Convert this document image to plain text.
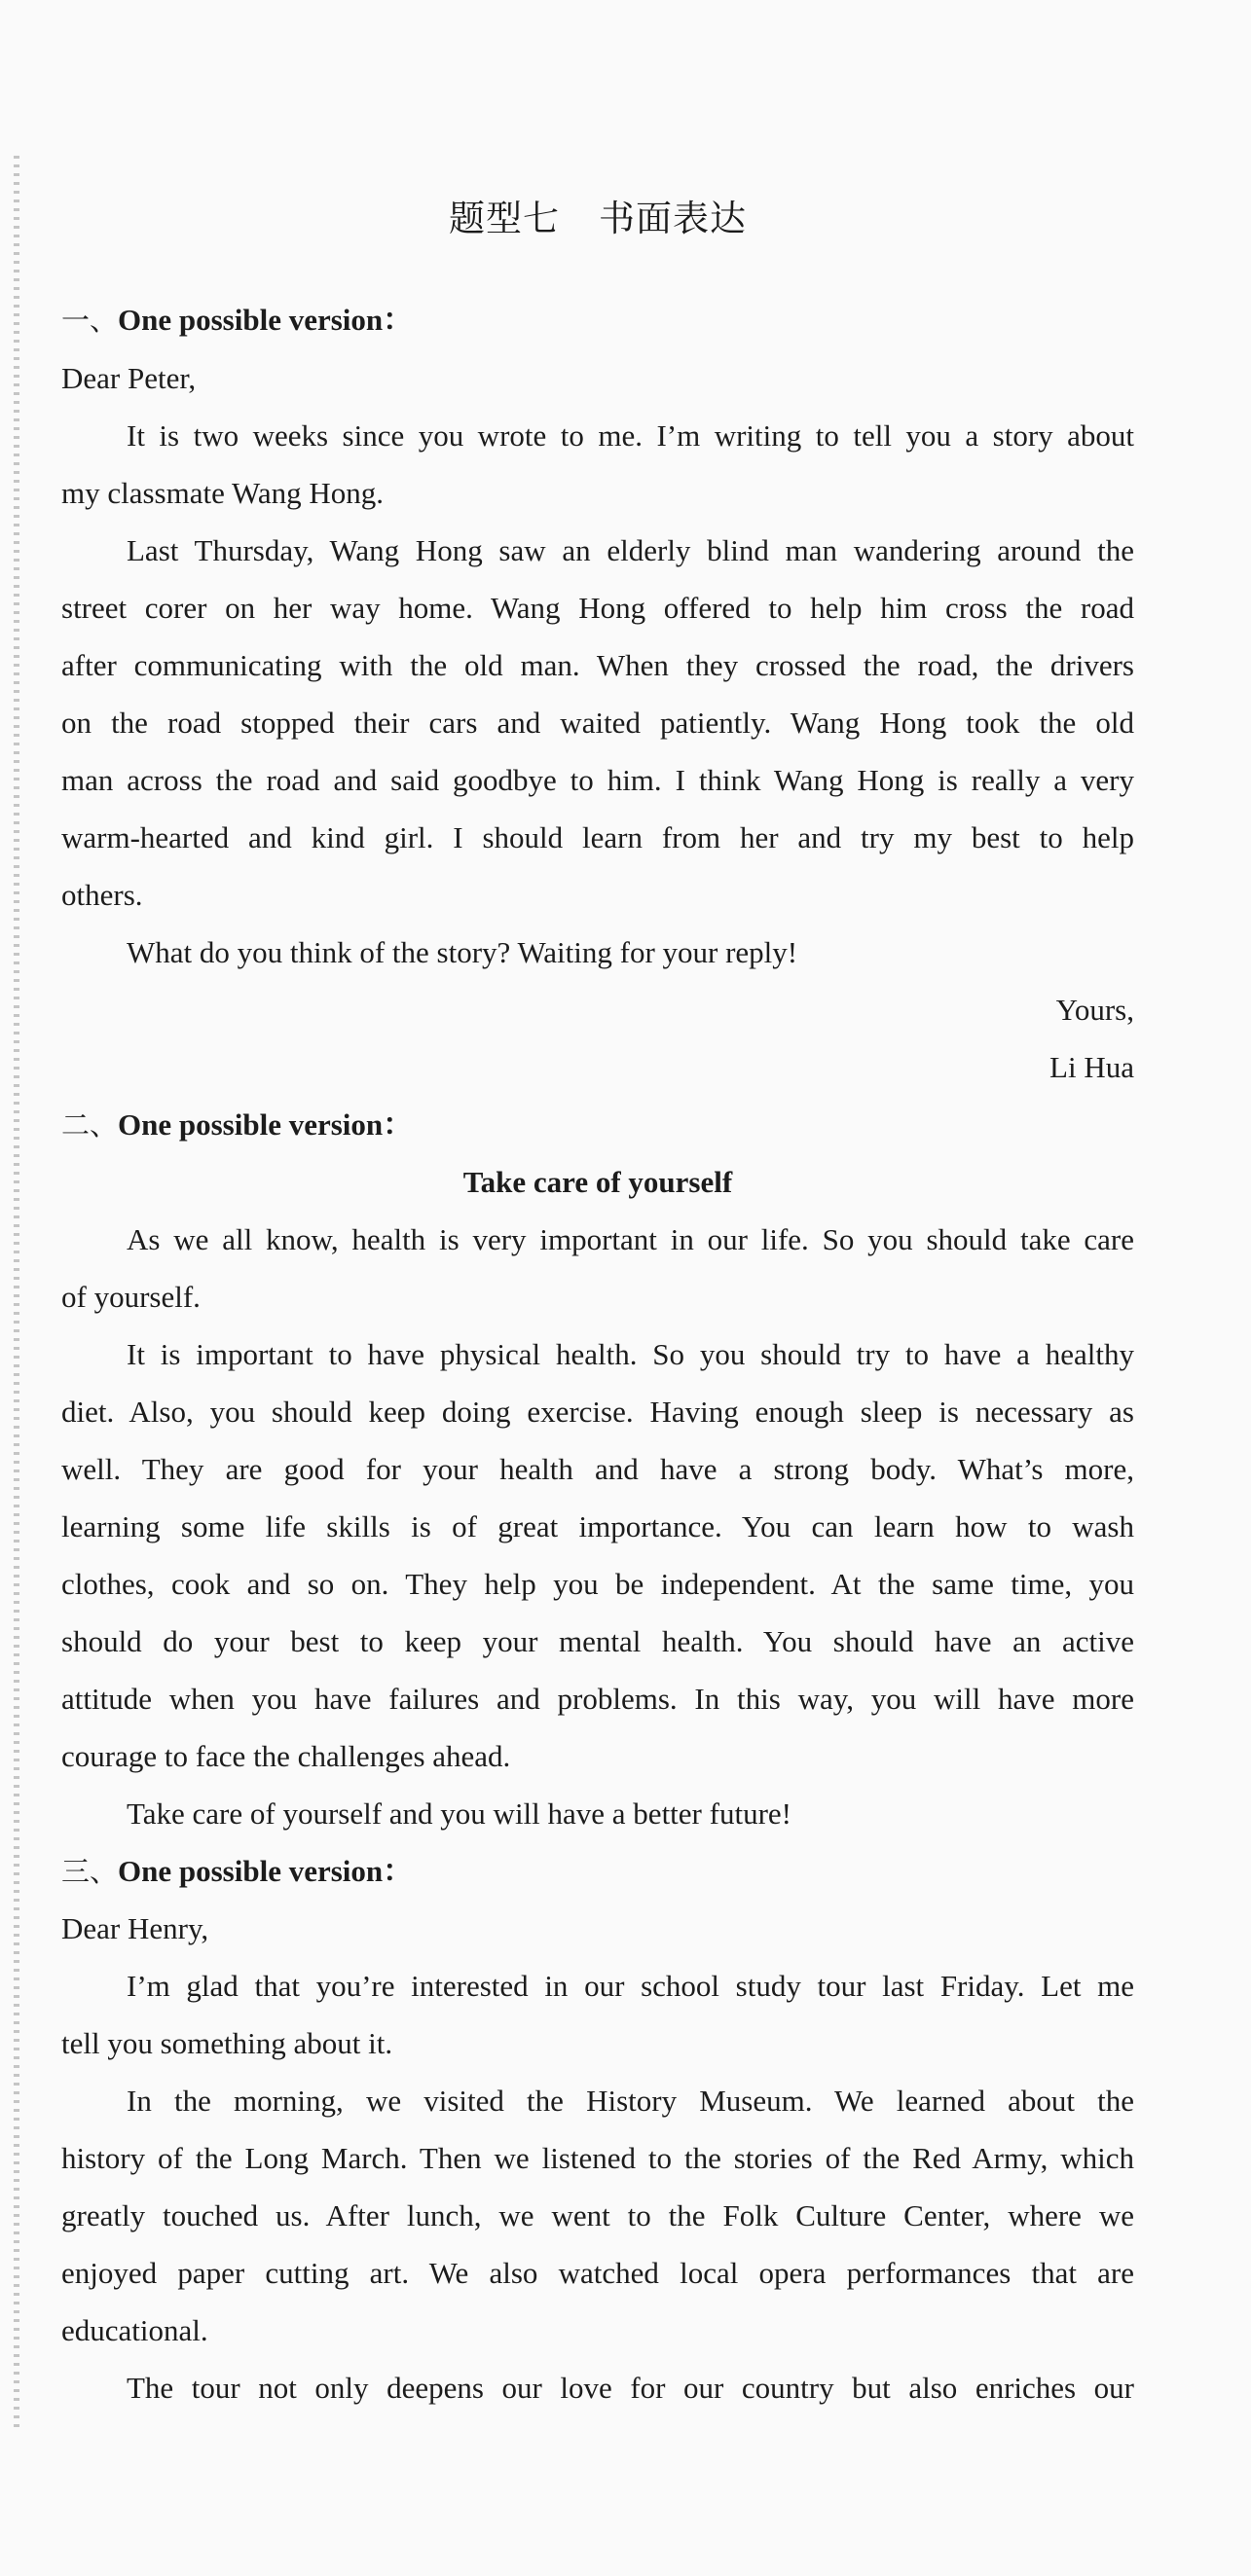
题型七 书面表达
一、One possible version：
Dear Peter,
It is two weeks since you wrote to me. I’m writing to tell you a story about
my classmate Wang Hong.
Last Thursday, Wang Hong saw an elderly blind man wandering around the
street corer on her way home. Wang Hong offered to help him cross the road
after communicating with the old man. When they crossed the road, the drivers
on the road stopped their cars and waited patiently. Wang Hong took the old
man across the road and said goodbye to him. I think Wang Hong is really a very
warm-hearted and kind girl. I should learn from her and try my best to help
others.
What do you think of the story? Waiting for your reply!
Yours,
Li Hua
二、One possible version：
Take care of yourself
As we all know, health is very important in our life. So you should take care
of yourself.
It is important to have physical health. So you should try to have a healthy
diet. Also, you should keep doing exercise. Having enough sleep is necessary as
well. They are good for your health and have a strong body. What’s more,
learning some life skills is of great importance. You can learn how to wash
clothes, cook and so on. They help you be independent. At the same time, you
should do your best to keep your mental health. You should have an active
attitude when you have failures and problems. In this way, you will have more
courage to face the challenges ahead.
Take care of yourself and you will have a better future!
三、One possible version：
Dear Henry,
I’m glad that you’re interested in our school study tour last Friday. Let me
tell you something about it.
In the morning, we visited the History Museum. We learned about the
history of the Long March. Then we listened to the stories of the Red Army, which
greatly touched us. After lunch, we went to the Folk Culture Center, where we
enjoyed paper cutting art. We also watched local opera performances that are
educational.
The tour not only deepens our love for our country but also enriches our
